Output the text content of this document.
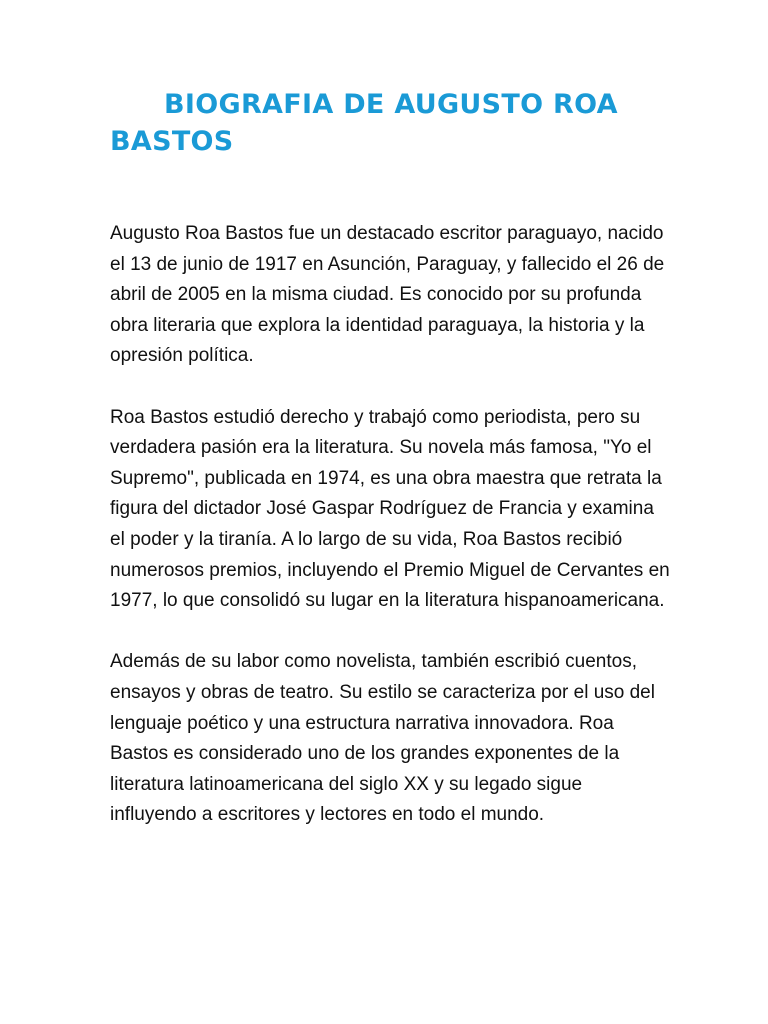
BIOGRAFIA DE AUGUSTO ROA BASTOS

Augusto Roa Bastos fue un destacado escritor paraguayo, nacido el 13 de junio de 1917 en Asunción, Paraguay, y fallecido el 26 de abril de 2005 en la misma ciudad. Es conocido por su profunda obra literaria que explora la identidad paraguaya, la historia y la opresión política.

Roa Bastos estudió derecho y trabajó como periodista, pero su verdadera pasión era la literatura. Su novela más famosa, "Yo el Supremo", publicada en 1974, es una obra maestra que retrata la figura del dictador José Gaspar Rodríguez de Francia y examina el poder y la tiranía. A lo largo de su vida, Roa Bastos recibió numerosos premios, incluyendo el Premio Miguel de Cervantes en 1977, lo que consolidó su lugar en la literatura hispanoamericana.

Además de su labor como novelista, también escribió cuentos, ensayos y obras de teatro. Su estilo se caracteriza por el uso del lenguaje poético y una estructura narrativa innovadora. Roa Bastos es considerado uno de los grandes exponentes de la literatura latinoamericana del siglo XX y su legado sigue influyendo a escritores y lectores en todo el mundo.
